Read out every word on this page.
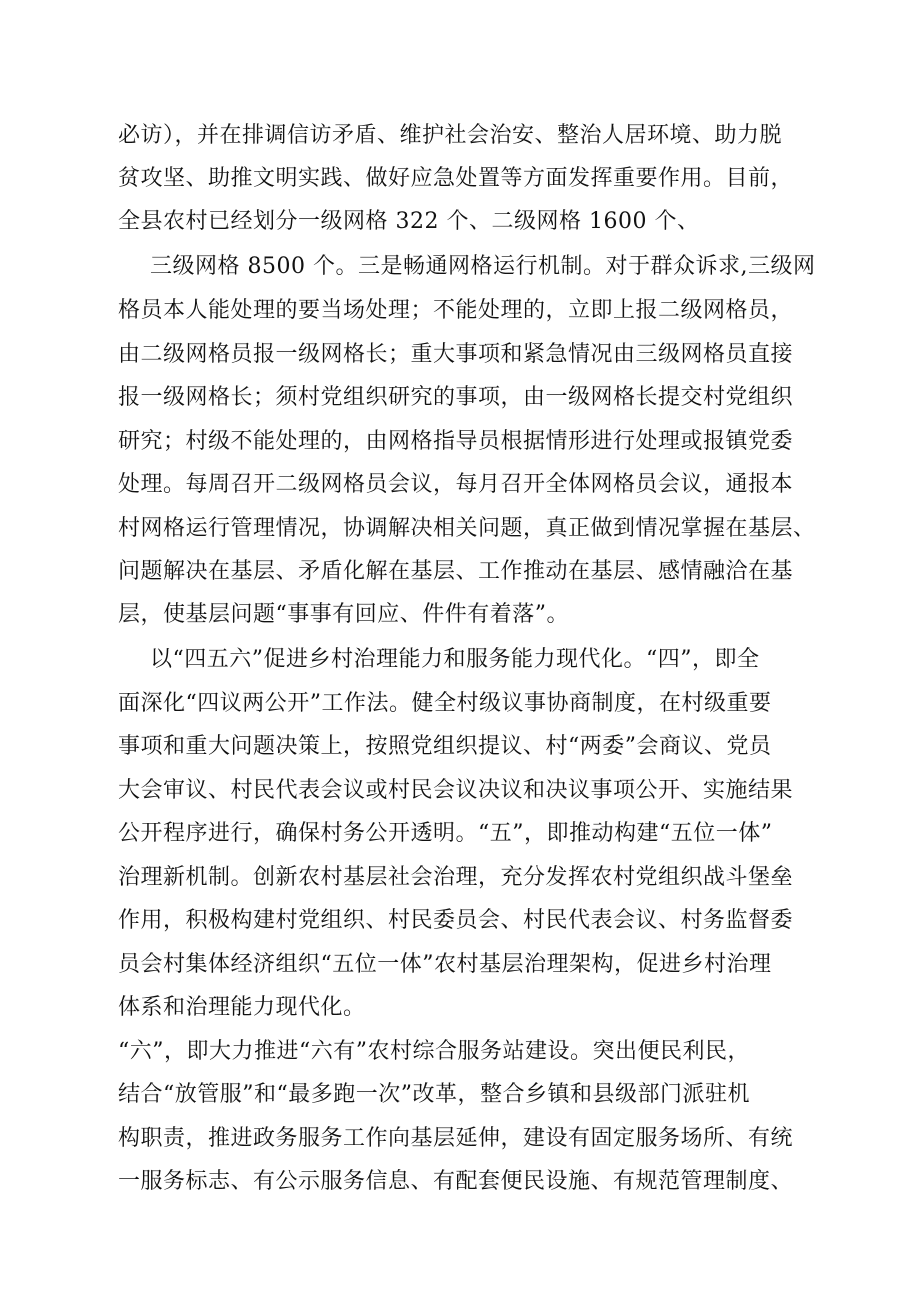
必访），并在排调信访矛盾、维护社会治安、整治人居环境、助力脱
贫攻坚、助推文明实践、做好应急处置等方面发挥重要作用。目前，
全县农村已经划分一级网格 322 个、二级网格 1600 个、
三级网格 8500 个。三是畅通网格运行机制。对于群众诉求,三级网
格员本人能处理的要当场处理；不能处理的，立即上报二级网格员，
由二级网格员报一级网格长；重大事项和紧急情况由三级网格员直接
报一级网格长；须村党组织研究的事项，由一级网格长提交村党组织
研究；村级不能处理的，由网格指导员根据情形进行处理或报镇党委
处理。每周召开二级网格员会议，每月召开全体网格员会议，通报本
村网格运行管理情况，协调解决相关问题，真正做到情况掌握在基层、
问题解决在基层、矛盾化解在基层、工作推动在基层、感情融洽在基
层，使基层问题“事事有回应、件件有着落”。
以“四五六”促进乡村治理能力和服务能力现代化。“四”，即全
面深化“四议两公开”工作法。健全村级议事协商制度，在村级重要
事项和重大问题决策上，按照党组织提议、村“两委”会商议、党员
大会审议、村民代表会议或村民会议决议和决议事项公开、实施结果
公开程序进行，确保村务公开透明。“五”，即推动构建“五位一体”
治理新机制。创新农村基层社会治理，充分发挥农村党组织战斗堡垒
作用，积极构建村党组织、村民委员会、村民代表会议、村务监督委
员会村集体经济组织“五位一体”农村基层治理架构，促进乡村治理
体系和治理能力现代化。
“六”，即大力推进“六有”农村综合服务站建设。突出便民利民，
结合“放管服”和“最多跑一次”改革，整合乡镇和县级部门派驻机
构职责，推进政务服务工作向基层延伸，建设有固定服务场所、有统
一服务标志、有公示服务信息、有配套便民设施、有规范管理制度、
